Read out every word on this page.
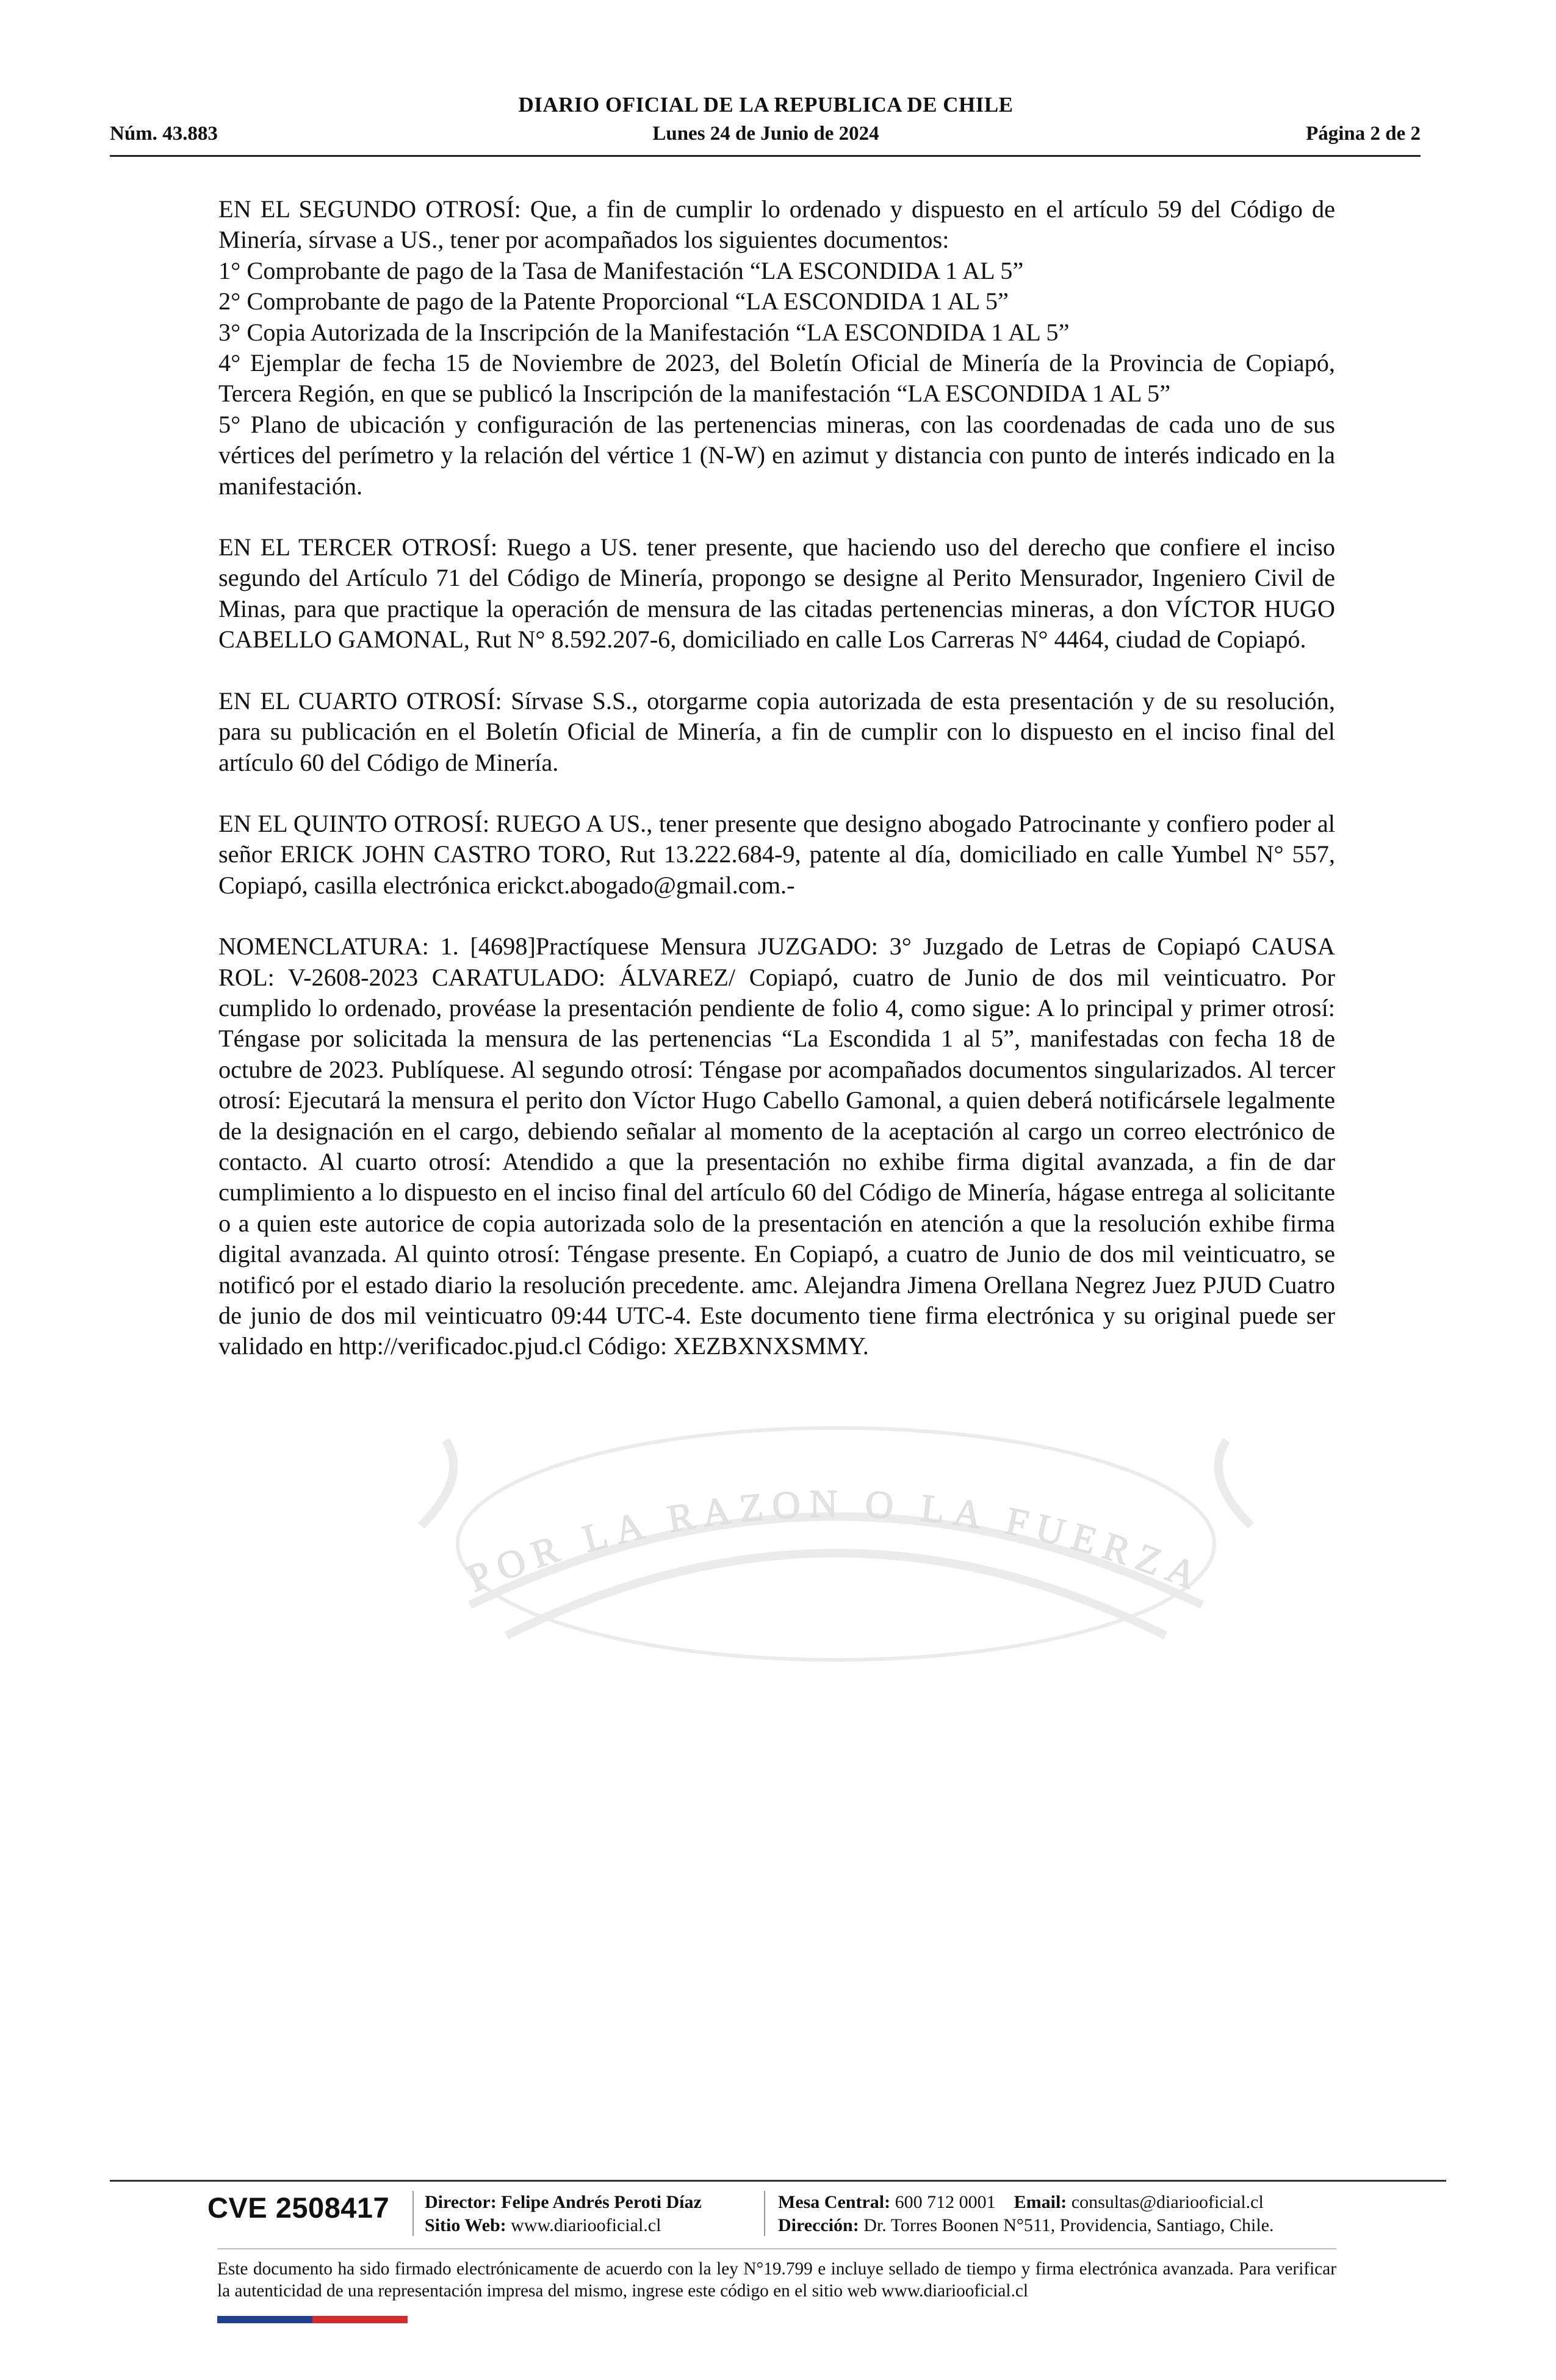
DIARIO OFICIAL DE LA REPUBLICA DE CHILE
Núm. 43.883	Lunes 24 de Junio de 2024	Página 2 de 2
POR LA RAZON O LA FUERZA

EN EL SEGUNDO OTROSÍ: Que, a fin de cumplir lo ordenado y dispuesto en el artículo 59 del Código de Minería, sírvase a US., tener por acompañados los siguientes documentos:
1° Comprobante de pago de la Tasa de Manifestación “LA ESCONDIDA 1 AL 5”
2° Comprobante de pago de la Patente Proporcional “LA ESCONDIDA 1 AL 5”
3° Copia Autorizada de la Inscripción de la Manifestación “LA ESCONDIDA 1 AL 5”
4° Ejemplar de fecha 15 de Noviembre de 2023, del Boletín Oficial de Minería de la Provincia de Copiapó, Tercera Región, en que se publicó la Inscripción de la manifestación “LA ESCONDIDA 1 AL 5”
5° Plano de ubicación y configuración de las pertenencias mineras, con las coordenadas de cada uno de sus vértices del perímetro y la relación del vértice 1 (N-W) en azimut y distancia con punto de interés indicado en la manifestación.

EN EL TERCER OTROSÍ: Ruego a US. tener presente, que haciendo uso del derecho que confiere el inciso segundo del Artículo 71 del Código de Minería, propongo se designe al Perito Mensurador, Ingeniero Civil de Minas, para que practique la operación de mensura de las citadas pertenencias mineras, a don VÍCTOR HUGO CABELLO GAMONAL, Rut N° 8.592.207-6, domiciliado en calle Los Carreras N° 4464, ciudad de Copiapó.

EN EL CUARTO OTROSÍ: Sírvase S.S., otorgarme copia autorizada de esta presentación y de su resolución, para su publicación en el Boletín Oficial de Minería, a fin de cumplir con lo dispuesto en el inciso final del artículo 60 del Código de Minería.

EN EL QUINTO OTROSÍ: RUEGO A US., tener presente que designo abogado Patrocinante y confiero poder al señor ERICK JOHN CASTRO TORO, Rut 13.222.684-9, patente al día, domiciliado en calle Yumbel N° 557, Copiapó, casilla electrónica erickct.abogado@gmail.com.-

NOMENCLATURA: 1. [4698]Practíquese Mensura JUZGADO: 3° Juzgado de Letras de Copiapó CAUSA ROL: V-2608-2023 CARATULADO: ÁLVAREZ/ Copiapó, cuatro de Junio de dos mil veinticuatro. Por cumplido lo ordenado, provéase la presentación pendiente de folio 4, como sigue: A lo principal y primer otrosí: Téngase por solicitada la mensura de las pertenencias “La Escondida 1 al 5”, manifestadas con fecha 18 de octubre de 2023. Publíquese. Al segundo otrosí: Téngase por acompañados documentos singularizados. Al tercer otrosí: Ejecutará la mensura el perito don Víctor Hugo Cabello Gamonal, a quien deberá notificársele legalmente de la designación en el cargo, debiendo señalar al momento de la aceptación al cargo un correo electrónico de contacto. Al cuarto otrosí: Atendido a que la presentación no exhibe firma digital avanzada, a fin de dar cumplimiento a lo dispuesto en el inciso final del artículo 60 del Código de Minería, hágase entrega al solicitante o a quien este autorice de copia autorizada solo de la presentación en atención a que la resolución exhibe firma digital avanzada. Al quinto otrosí: Téngase presente. En Copiapó, a cuatro de Junio de dos mil veinticuatro, se notificó por el estado diario la resolución precedente. amc. Alejandra Jimena Orellana Negrez Juez PJUD Cuatro de junio de dos mil veinticuatro 09:44 UTC-4. Este documento tiene firma electrónica y su original puede ser validado en http://verificadoc.pjud.cl Código: XEZBXNXSMMY.

CVE 2508417 Director: Felipe Andrés Peroti Díaz
Sitio Web: www.diariooficial.cl
Mesa Central: 600 712 0001 Email: consultas@diariooficial.cl
Dirección: Dr. Torres Boonen N°511, Providencia, Santiago, Chile.
Este documento ha sido firmado electrónicamente de acuerdo con la ley N°19.799 e incluye sellado de tiempo y firma electrónica avanzada. Para verificar la autenticidad de una representación impresa del mismo, ingrese este código en el sitio web www.diariooficial.cl
